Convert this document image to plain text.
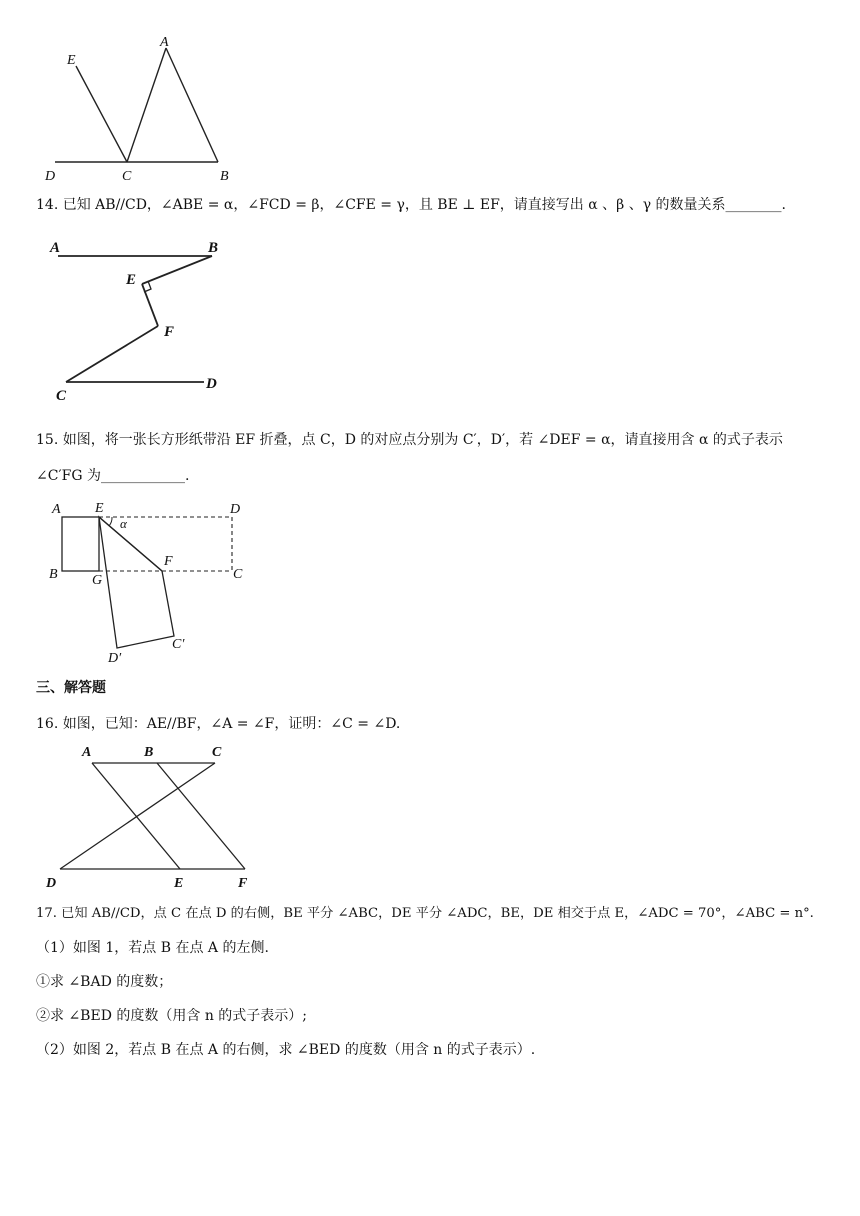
A
E
D	C	B
14. 已知 AB//CD，∠ABE = α，∠FCD = β，∠CFE = γ，且 BE ⊥ EF，请直接写出 α 、β 、γ 的数量关系________.
A	B
E
F
C
D
15. 如图，将一张长方形纸带沿 EF 折叠，点 C，D 的对应点分别为 C′，D′，若 ∠DEF = α，请直接用含 α 的式子表示
∠C′FG 为____________.
A E	D
α
B G
F
C
D′
C′
三、解答题
16. 如图，已知：AE//BF，∠A = ∠F，证明：∠C = ∠D.
A	B	C
D	E	F
17. 已知 AB//CD，点 C 在点 D 的右侧，BE 平分 ∠ABC，DE 平分 ∠ADC，BE，DE 相交于点 E，∠ADC = 70°，∠ABC = n°.
（1）如图 1，若点 B 在点 A 的左侧.
①求 ∠BAD 的度数；
②求 ∠BED 的度数（用含 n 的式子表示）;
（2）如图 2，若点 B 在点 A 的右侧，求 ∠BED 的度数（用含 n 的式子表示）.
